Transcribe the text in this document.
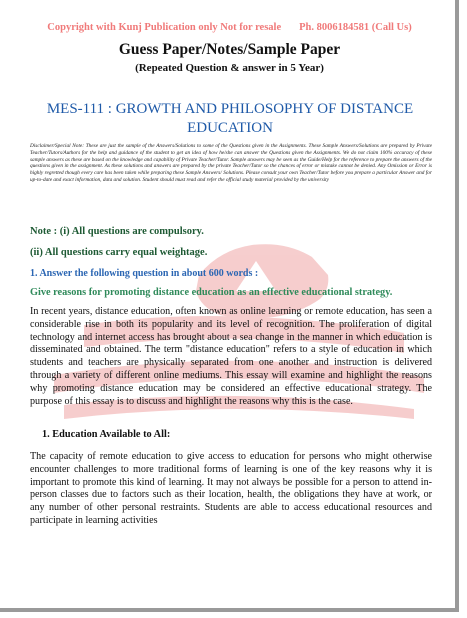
Copyright with Kunj Publication only Not for resale Ph. 8006184581 (Call Us)
Guess Paper/Notes/Sample Paper
(Repeated Question & answer in 5 Year)
MES-111 : GROWTH AND PHILOSOPHY OF DISTANCE EDUCATION
Disclaimer/Special Note: These are just the sample of the Answers/Solutions to some of the Questions given in the Assignments. These Sample Answers/Solutions are prepared by Private Teacher/Tutors/Authors for the help and guidance of the student to get an idea of how he/she can answer the Questions given the Assignments. We do not claim 100% accuracy of these sample answers as these are based on the knowledge and capability of Private Teacher/Tutor. Sample answers may be seen as the Guide/Help for the reference to prepare the answers of the questions given in the assignment. As these solutions and answers are prepared by the private Teacher/Tutor so the chances of error or mistake cannot be denied. Any Omission or Error is highly regretted though every care has been taken while preparing these Sample Answers/ Solutions. Please consult your own Teacher/Tutor before you prepare a particular Answer and for up-to-date and exact information, data and solution. Student should must read and refer the official study material provided by the university
Note : (i) All questions are compulsory.
(ii) All questions carry equal weightage.
1. Answer the following question in about 600 words :
Give reasons for promoting distance education as an effective educational strategy.
In recent years, distance education, often known as online learning or remote education, has seen a considerable rise in both its popularity and its level of recognition. The proliferation of digital technology and internet access has brought about a sea change in the manner in which education is disseminated and obtained. The term "distance education" refers to a style of education in which students and teachers are physically separated from one another and instruction is delivered through a variety of different online mediums. This essay will examine and highlight the reasons why promoting distance education may be considered an effective educational strategy. The purpose of this essay is to discuss and highlight the reasons why this is the case.
1. Education Available to All:
The capacity of remote education to give access to education for persons who might otherwise encounter challenges to more traditional forms of learning is one of the key reasons why it is important to promote this kind of learning. It may not always be possible for a person to attend in-person classes due to factors such as their location, health, the obligations they have at work, or any number of other personal restraints. Students are able to access educational resources and participate in learning activities
